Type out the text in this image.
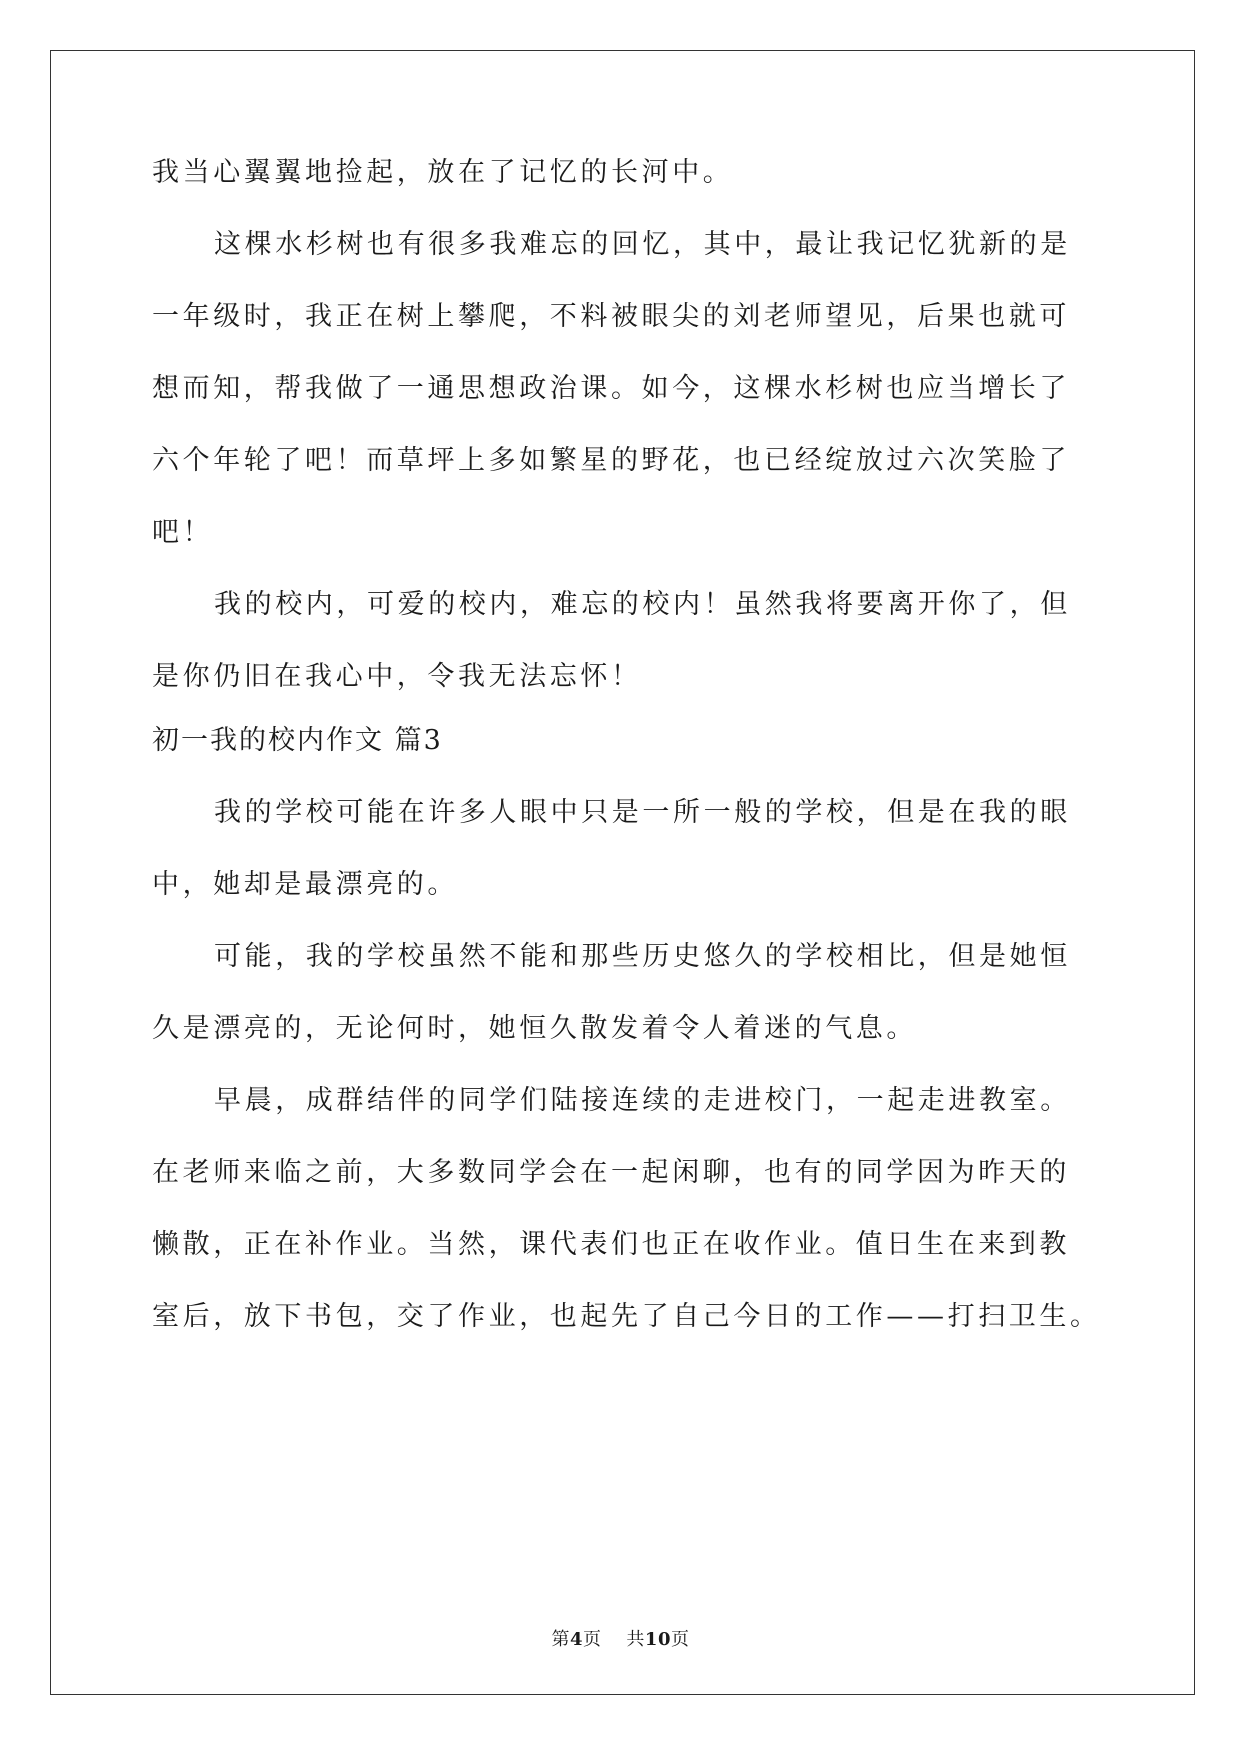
我当心翼翼地捡起，放在了记忆的长河中。
这棵水杉树也有很多我难忘的回忆，其中，最让我记忆犹新的是
一年级时，我正在树上攀爬，不料被眼尖的刘老师望见，后果也就可
想而知，帮我做了一通思想政治课。如今，这棵水杉树也应当增长了
六个年轮了吧！而草坪上多如繁星的野花，也已经绽放过六次笑脸了
吧！
我的校内，可爱的校内，难忘的校内！虽然我将要离开你了，但
是你仍旧在我心中，令我无法忘怀！
初一我的校内作文 篇3
我的学校可能在许多人眼中只是一所一般的学校，但是在我的眼
中，她却是最漂亮的。
可能，我的学校虽然不能和那些历史悠久的学校相比，但是她恒
久是漂亮的，无论何时，她恒久散发着令人着迷的气息。
早晨，成群结伴的同学们陆接连续的走进校门，一起走进教室。
在老师来临之前，大多数同学会在一起闲聊，也有的同学因为昨天的
懒散，正在补作业。当然，课代表们也正在收作业。值日生在来到教
室后，放下书包，交了作业，也起先了自己今日的工作——打扫卫生。
第4页 共10页
